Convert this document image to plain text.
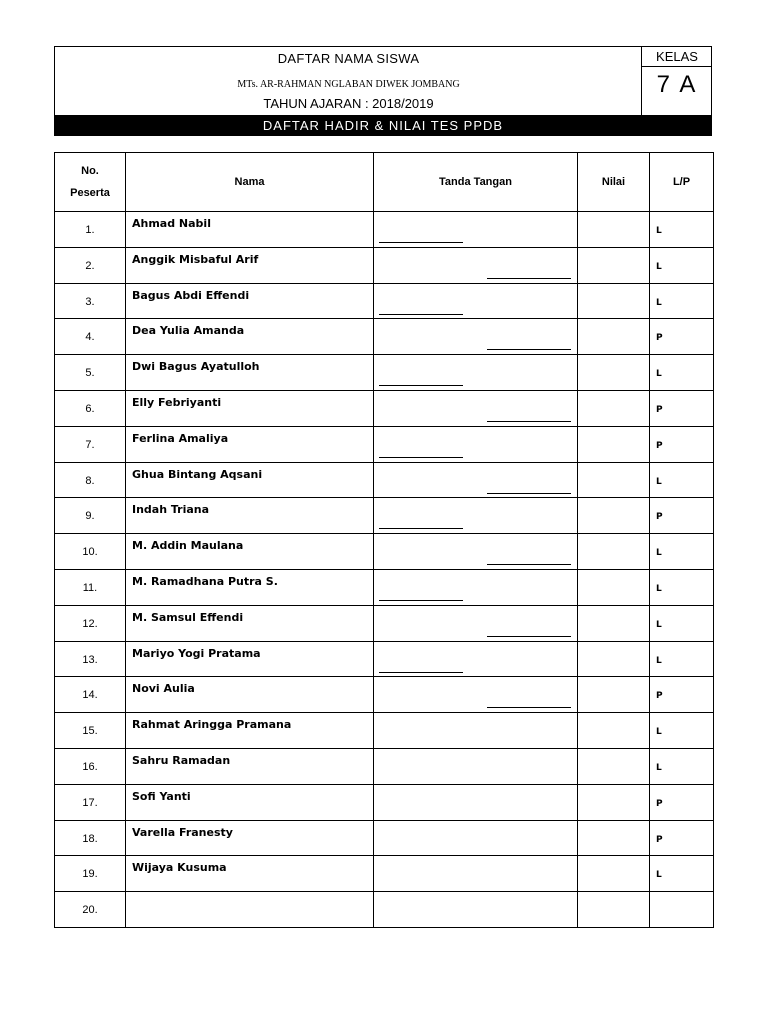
DAFTAR NAMA SISWA
MTs. AR-RAHMAN NGLABAN DIWEK JOMBANG
TAHUN AJARAN : 2018/2019
KELAS
7 A
DAFTAR HADIR & NILAI TES PPDB
No.
Peserta	Nama	Tanda Tangan	Nilai	L/P

1.	Ahmad Nabil			L

2.	Anggik Misbaful Arif			L

3.	Bagus Abdi Effendi			L

4.	Dea Yulia Amanda			P

5.	Dwi Bagus Ayatulloh			L

6.	Elly Febriyanti			P

7.	Ferlina Amaliya			P

8.	Ghua Bintang Aqsani			L

9.	Indah Triana			P

10.	M. Addin Maulana			L

11.	M. Ramadhana Putra S.			L

12.	M. Samsul Effendi			L

13.	Mariyo Yogi Pratama			L

14.	Novi Aulia			P

15.	Rahmat Aringga Pramana			L

16.	Sahru Ramadan			L

17.	Sofi Yanti			P

18.	Varella Franesty			P

19.	Wijaya Kusuma			L

20.				
